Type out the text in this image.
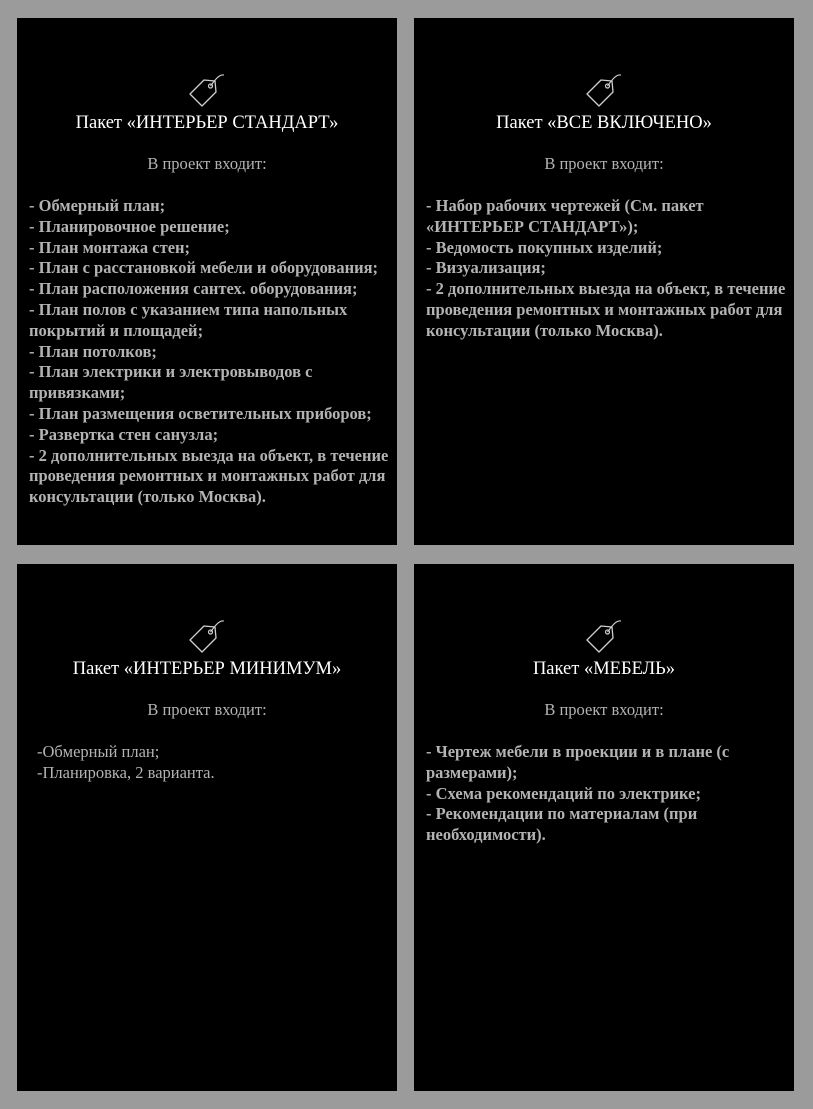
Пакет «ИНТЕРЬЕР СТАНДАРТ»
В проект входит:
- Обмерный план;
- Планировочное решение;
- План монтажа стен;
- План с расстановкой мебели и оборудования;
- План расположения сантех. оборудования;
- План полов с указанием типа напольных покрытий и площадей;
- План потолков;
- План электрики и электровыводов с привязками;
- План размещения осветительных приборов;
- Развертка стен санузла;
- 2 дополнительных выезда на объект, в течение проведения ремонтных и монтажных работ для консультации (только Москва).
Пакет «ВСЕ ВКЛЮЧЕНО»
В проект входит:
- Набор рабочих чертежей (См. пакет «ИНТЕРЬЕР СТАНДАРТ»);
- Ведомость покупных изделий;
- Визуализация;
- 2 дополнительных выезда на объект, в течение проведения ремонтных и монтажных работ для консультации (только Москва).
Пакет «ИНТЕРЬЕР МИНИМУМ»
В проект входит:
-Обмерный план;
-Планировка, 2 варианта.
Пакет «МЕБЕЛЬ»
В проект входит:
- Чертеж мебели в проекции и в плане (с размерами);
- Схема рекомендаций по электрике;
- Рекомендации по материалам (при необходимости).
